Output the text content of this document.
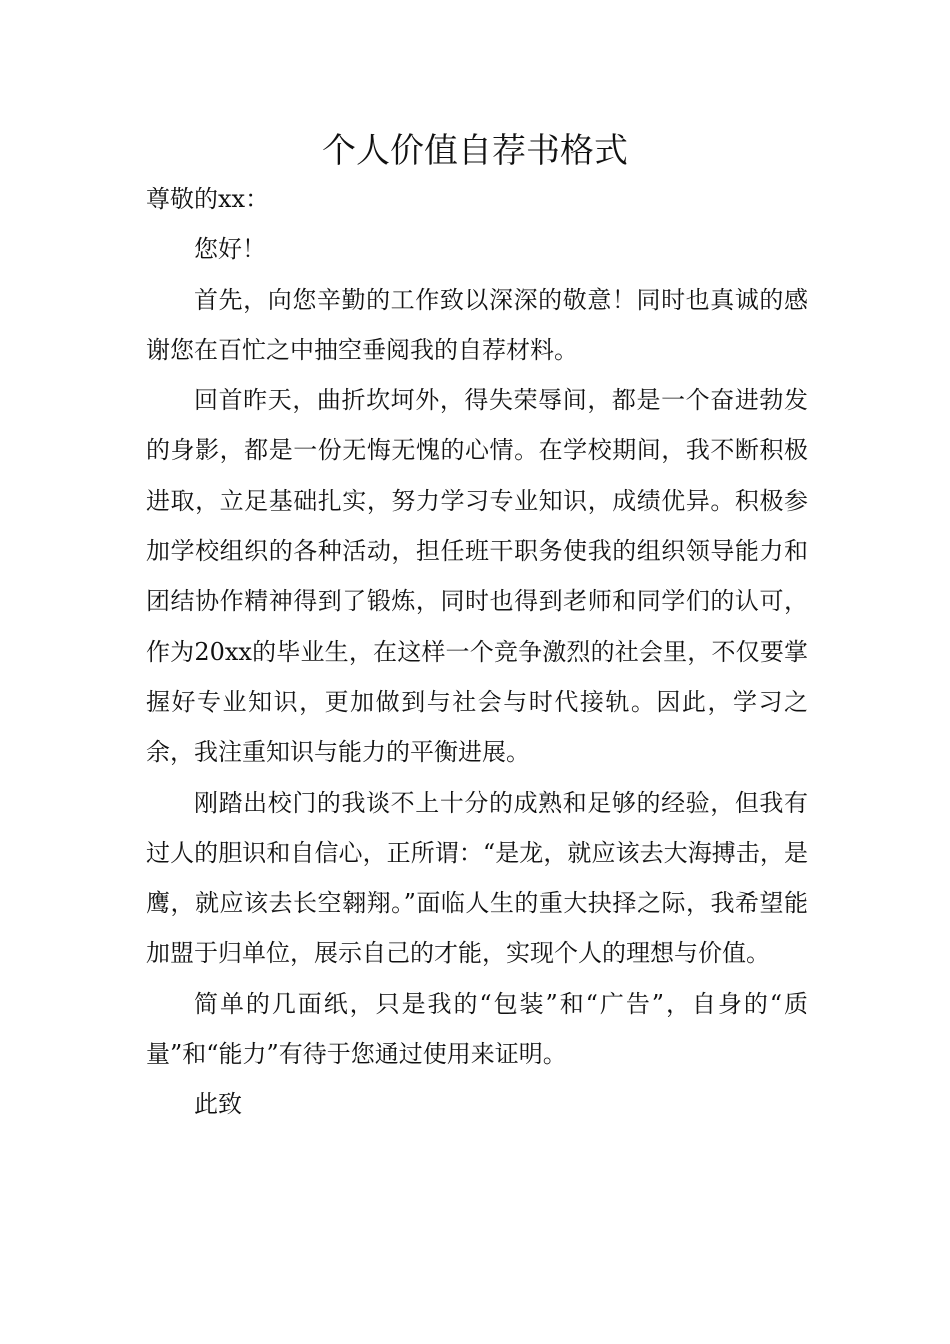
个人价值自荐书格式

尊敬的xx：

您好！

首先，向您辛勤的工作致以深深的敬意！同时也真诚的感谢您在百忙之中抽空垂阅我的自荐材料。

回首昨天，曲折坎坷外，得失荣辱间，都是一个奋进勃发的身影，都是一份无悔无愧的心情。在学校期间，我不断积极进取，立足基础扎实，努力学习专业知识，成绩优异。积极参加学校组织的各种活动，担任班干职务使我的组织领导能力和团结协作精神得到了锻炼，同时也得到老师和同学们的认可，作为20xx的毕业生，在这样一个竞争激烈的社会里，不仅要掌握好专业知识，更加做到与社会与时代接轨。因此，学习之余，我注重知识与能力的平衡进展。

刚踏出校门的我谈不上十分的成熟和足够的经验，但我有过人的胆识和自信心，正所谓：“是龙，就应该去大海搏击，是鹰，就应该去长空翱翔。”面临人生的重大抉择之际，我希望能加盟于归单位，展示自己的才能，实现个人的理想与价值。

简单的几面纸，只是我的“包装”和“广告”，自身的“质量”和“能力”有待于您通过使用来证明。

此致
